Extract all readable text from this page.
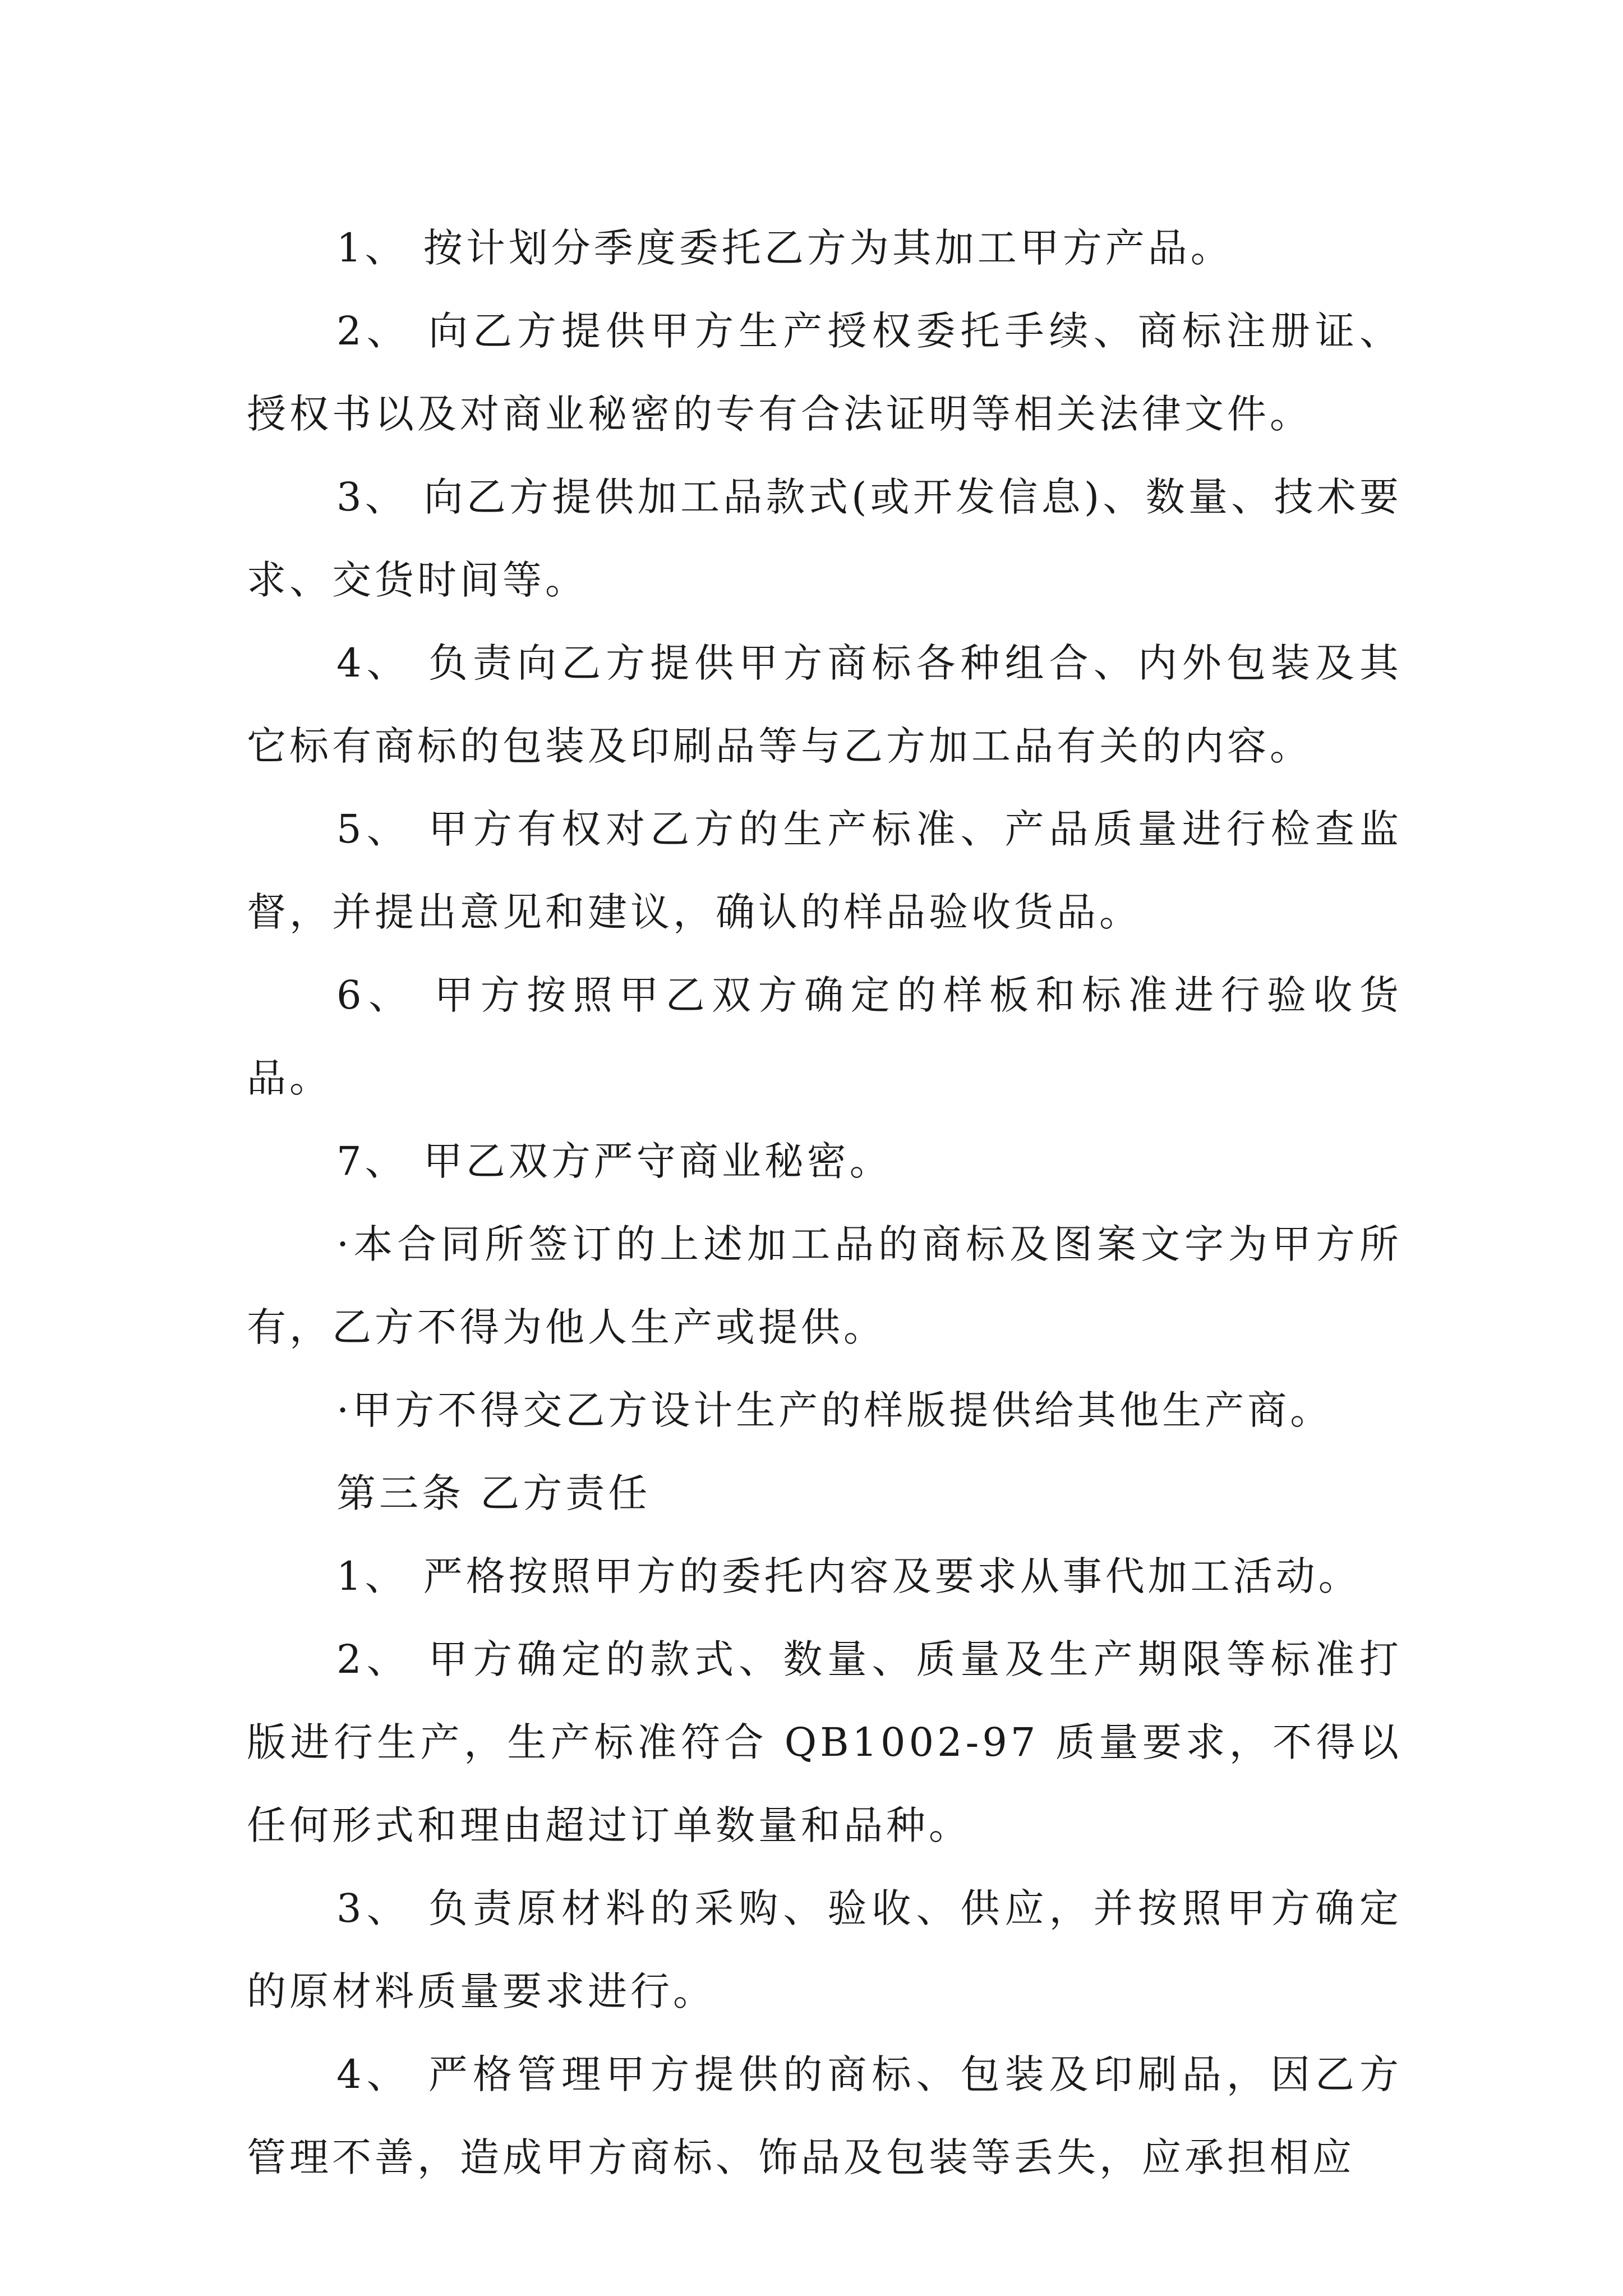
1、 按计划分季度委托乙方为其加工甲方产品。

2、 向乙方提供甲方生产授权委托手续、商标注册证、授权书以及对商业秘密的专有合法证明等相关法律文件。

3、 向乙方提供加工品款式(或开发信息)、数量、技术要求、交货时间等。

4、 负责向乙方提供甲方商标各种组合、内外包装及其它标有商标的包装及印刷品等与乙方加工品有关的内容。

5、 甲方有权对乙方的生产标准、产品质量进行检查监督，并提出意见和建议，确认的样品验收货品。

6、 甲方按照甲乙双方确定的样板和标准进行验收货品。

7、 甲乙双方严守商业秘密。

·本合同所签订的上述加工品的商标及图案文字为甲方所有，乙方不得为他人生产或提供。

·甲方不得交乙方设计生产的样版提供给其他生产商。

第三条 乙方责任

1、 严格按照甲方的委托内容及要求从事代加工活动。

2、 甲方确定的款式、数量、质量及生产期限等标准打版进行生产，生产标准符合 QB1002-97 质量要求，不得以任何形式和理由超过订单数量和品种。

3、 负责原材料的采购、验收、供应，并按照甲方确定的原材料质量要求进行。

4、 严格管理甲方提供的商标、包装及印刷品，因乙方管理不善，造成甲方商标、饰品及包装等丢失，应承担相应
